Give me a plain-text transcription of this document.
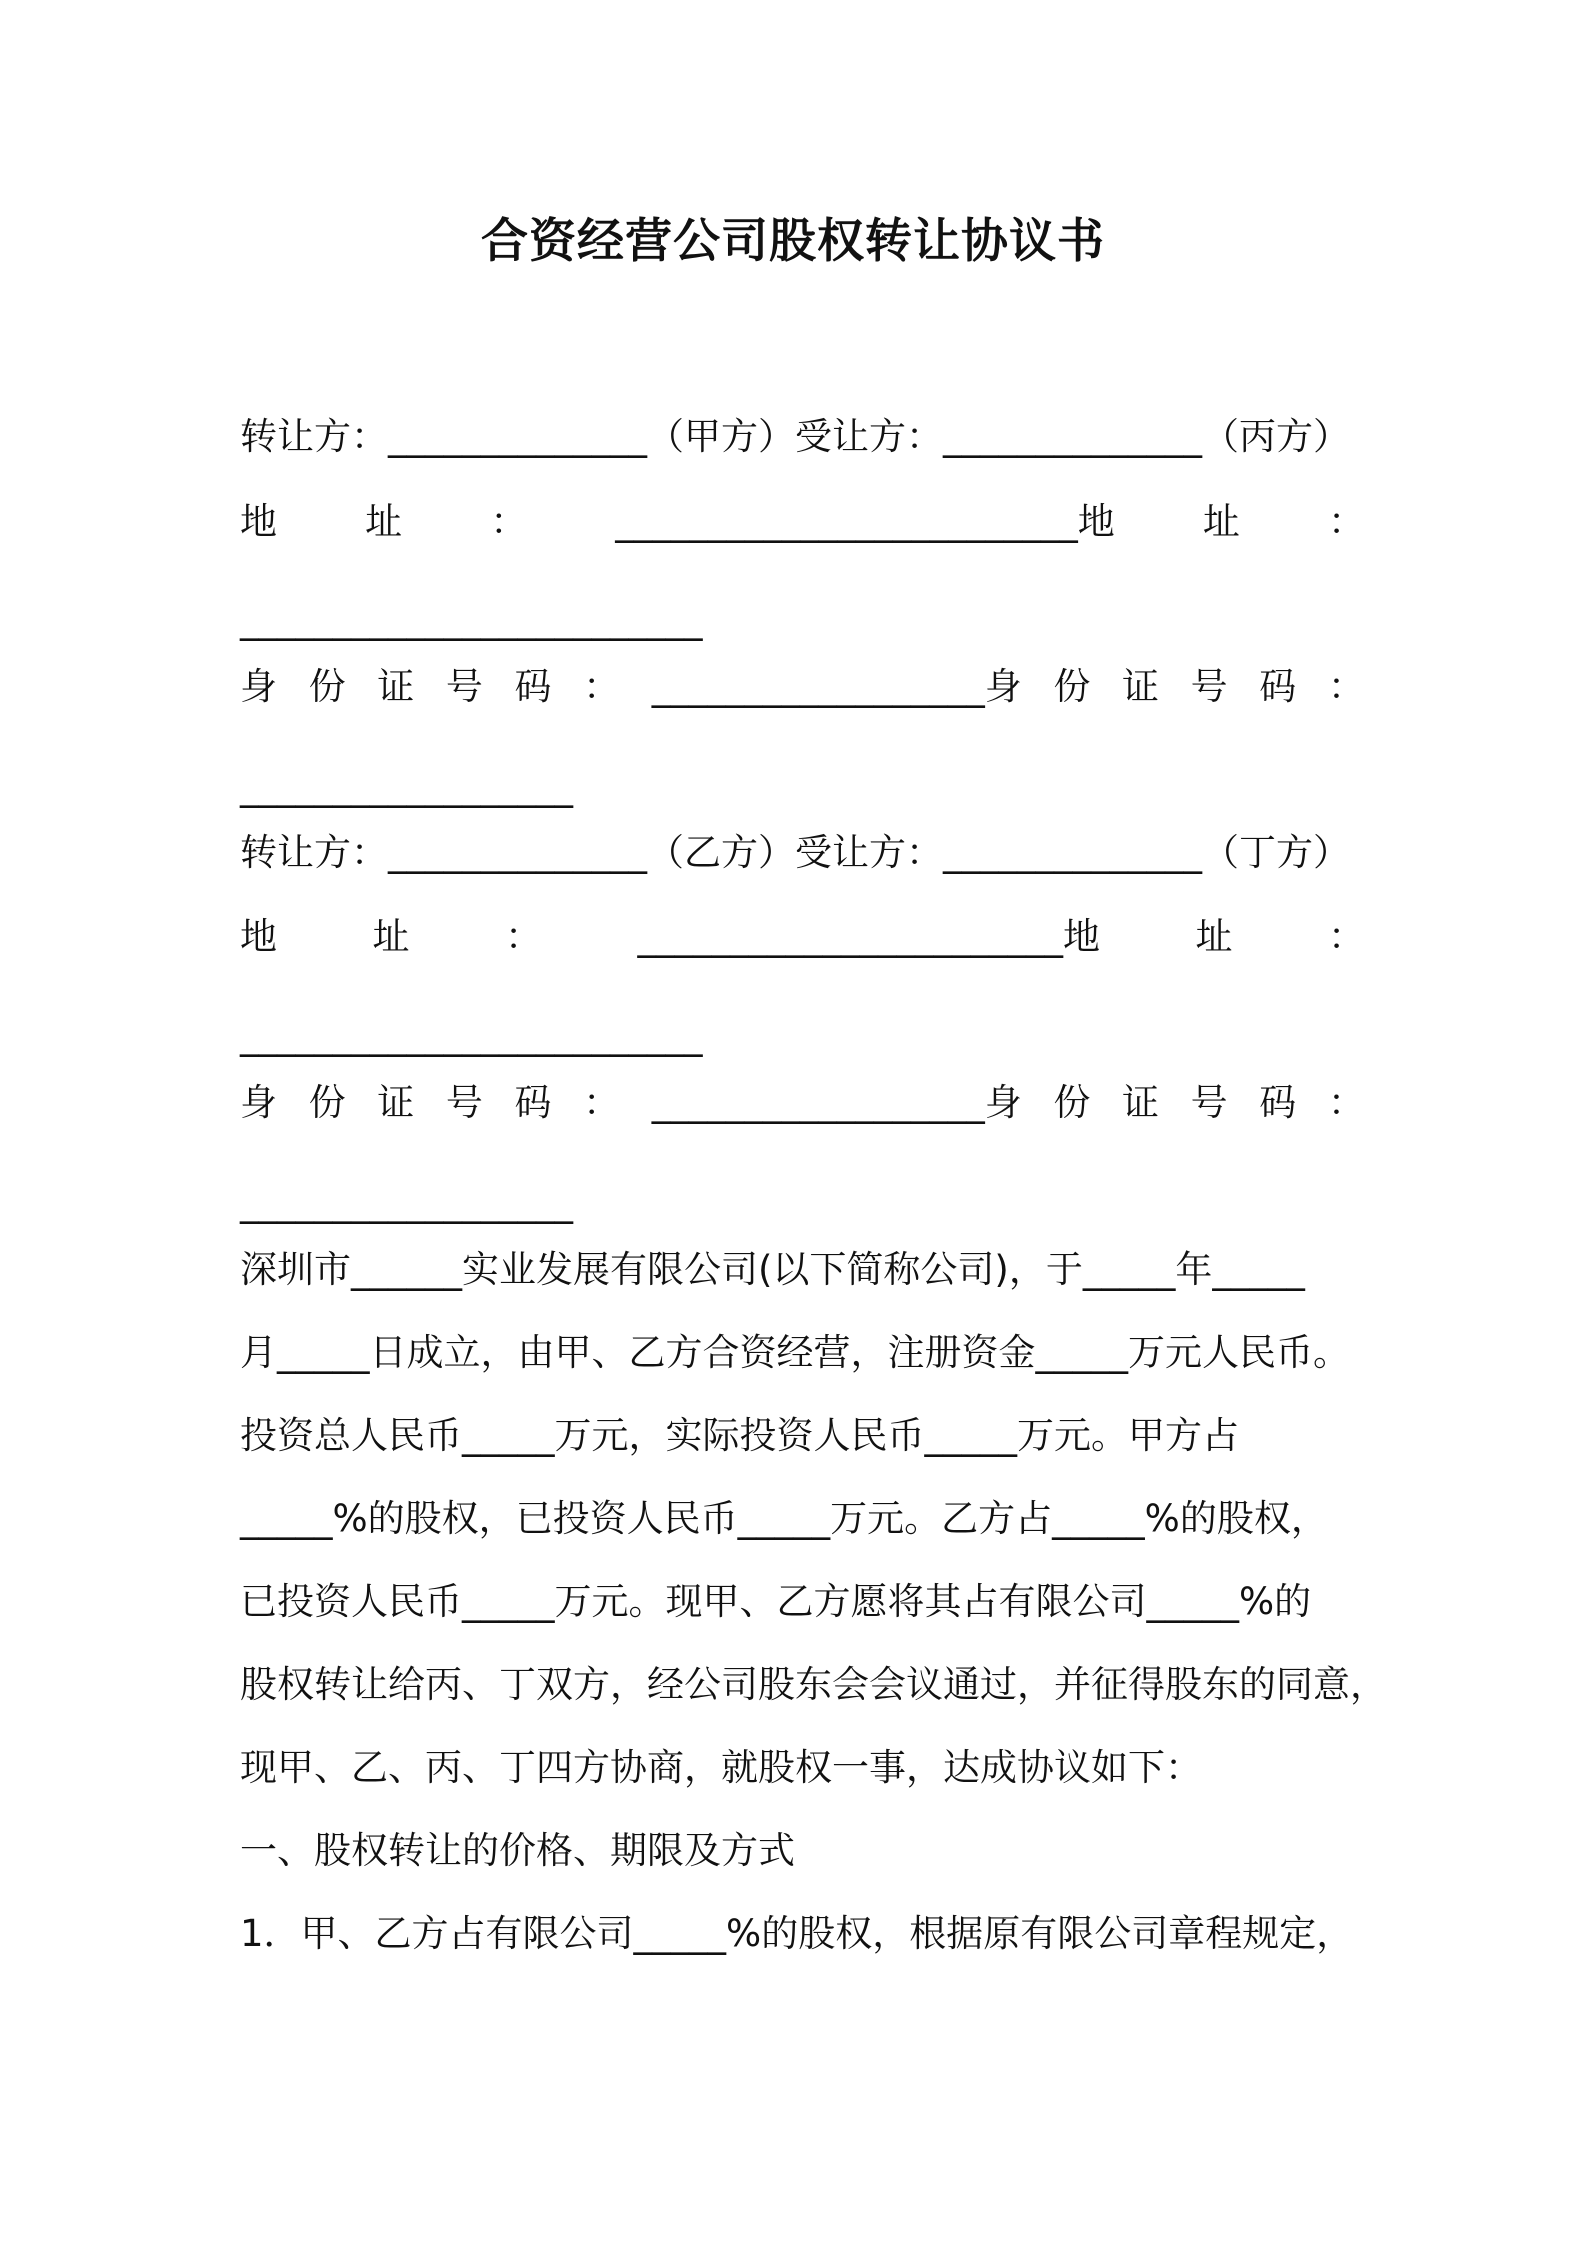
合资经营公司股权转让协议书

转让方：______________（甲方）受让方：______________（丙方）

地 址 ： _________________________地 址 ：

_________________________

身 份 证 号 码 ： __________________身 份 证 号 码 ：

__________________

转让方：______________（乙方）受让方：______________（丁方）

地	址	：	_______________________地	址	：

_________________________

身 份 证 号 码 ： __________________身 份 证 号 码 ：

__________________

深圳市______实业发展有限公司(以下简称公司)，于_____年_____

月_____日成立，由甲、乙方合资经营，注册资金_____万元人民币。

投资总人民币_____万元，实际投资人民币_____万元。甲方占

_____%的股权，已投资人民币_____万元。乙方占_____%的股权，

已投资人民币_____万元。现甲、乙方愿将其占有限公司_____%的

股权转让给丙、丁双方，经公司股东会会议通过，并征得股东的同意，

现甲、乙、丙、丁四方协商，就股权一事，达成协议如下：

一、股权转让的价格、期限及方式

1．甲、乙方占有限公司_____%的股权，根据原有限公司章程规定，
